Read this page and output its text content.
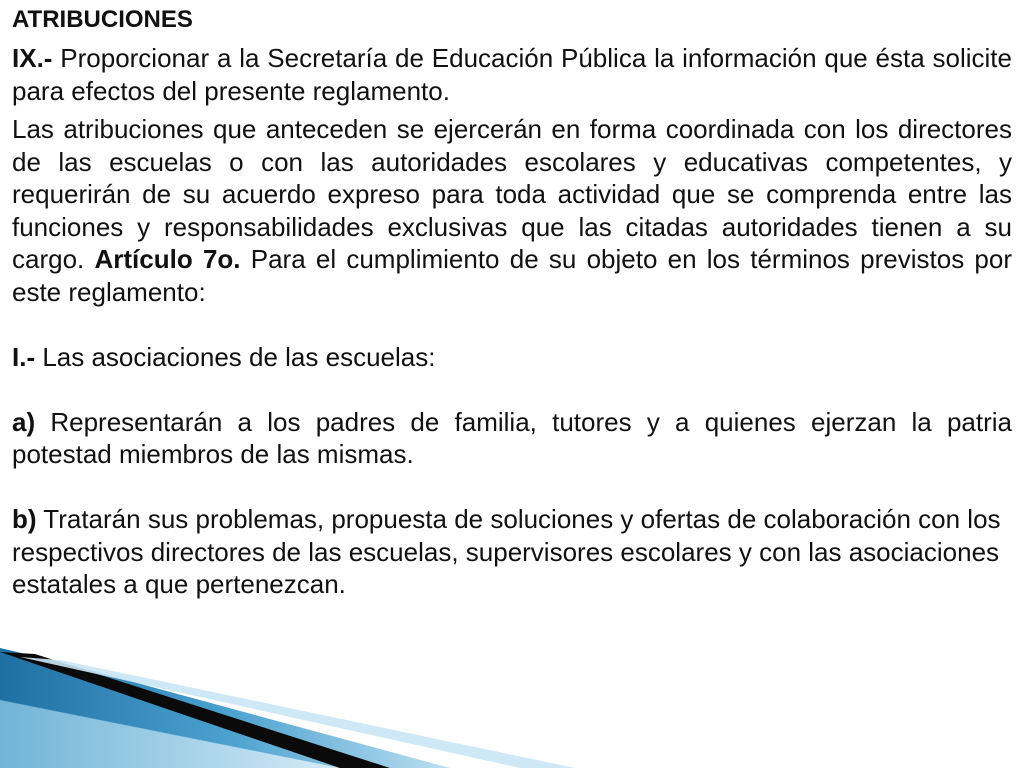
ATRIBUCIONES

IX.- Proporcionar a la Secretaría de Educación Pública la información que ésta solicite para efectos del presente reglamento.

Las atribuciones que anteceden se ejercerán en forma coordinada con los directores de las escuelas o con las autoridades escolares y educativas competentes, y requerirán de su acuerdo expreso para toda actividad que se comprenda entre las funciones y responsabilidades exclusivas que las citadas autoridades tienen a su cargo. Artículo 7o. Para el cumplimiento de su objeto en los términos previstos por este reglamento:

I.- Las asociaciones de las escuelas:

a) Representarán a los padres de familia, tutores y a quienes ejerzan la patria potestad miembros de las mismas.

b) Tratarán sus problemas, propuesta de soluciones y ofertas de colaboración con los respectivos directores de las escuelas, supervisores escolares y con las asociaciones estatales a que pertenezcan.
